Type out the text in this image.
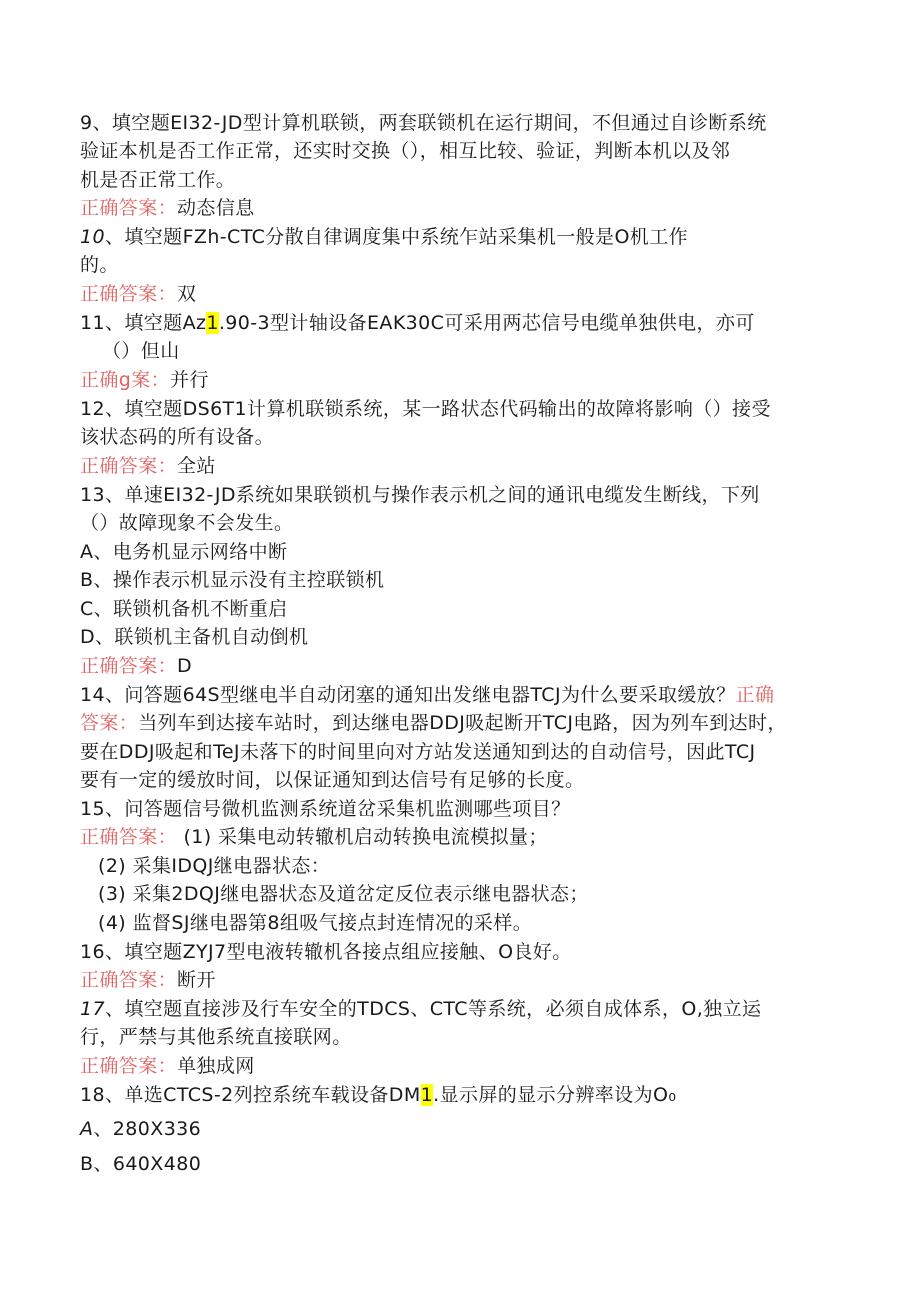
9、填空题EI32-JD型计算机联锁，两套联锁机在运行期间，不但通过自诊断系统
验证本机是否工作正常，还实时交换（），相互比较、验证，判断本机以及邻
机是否正常工作。
正确答案：动态信息
10、填空题FZh-CTC分散自律调度集中系统乍站采集机一般是O机工作
的。
正确答案：双
11、填空题Az1.90-3型计轴设备EAK30C可采用两芯信号电缆单独供电，亦可
（）但山
正确g案：并行
12、填空题DS6T1计算机联锁系统，某一路状态代码输出的故障将影响（）接受
该状态码的所有设备。
正确答案：全站
13、单速EI32-JD系统如果联锁机与操作表示机之间的通讯电缆发生断线，下列
（）故障现象不会发生。
A、电务机显示网络中断
B、操作表示机显示没有主控联锁机
C、联锁机备机不断重启
D、联锁机主备机自动倒机
正确答案：D
14、问答题64S型继电半自动闭塞的通知出发继电器TCJ为什么要采取缓放？正确
答案：当列车到达接车站时，到达继电器DDJ吸起断开TCJ电路，因为列车到达时，
要在DDJ吸起和TeJ未落下的时间里向对方站发送通知到达的自动信号，因此TCJ
要有一定的缓放时间，以保证通知到达信号有足够的长度。
15、问答题信号微机监测系统道岔采集机监测哪些项目？
正确答案： (1) 采集电动转辙机启动转换电流模拟量；
(2) 采集IDQJ继电器状态：
(3) 采集2DQJ继电器状态及道岔定反位表示继电器状态；
(4) 监督SJ继电器第8组吸气接点封连情况的采样。
16、填空题ZYJ7型电液转辙机各接点组应接触、O良好。
正确答案：断开
17、填空题直接涉及行车安全的TDCS、CTC等系统，必须自成体系，O,独立运
行，严禁与其他系统直接联网。
正确答案：单独成网
18、单选CTCS-2列控系统车载设备DM1.显示屏的显示分辨率设为O₀
A、280X336
B、640X480
